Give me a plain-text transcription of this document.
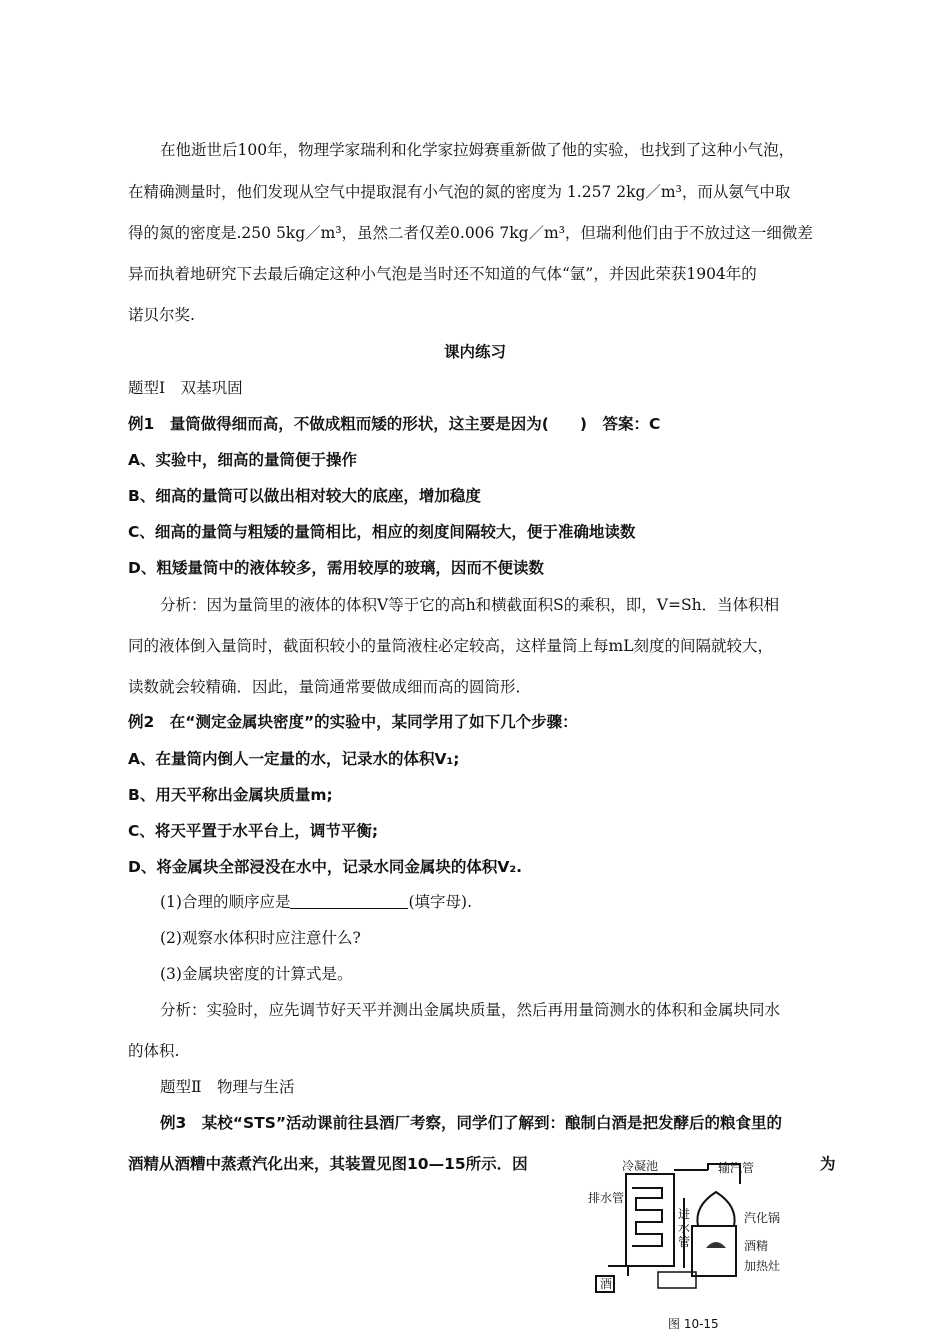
在他逝世后100年，物理学家瑞利和化学家拉姆赛重新做了他的实验，也找到了这种小气泡，
在精确测量时，他们发现从空气中提取混有小气泡的氮的密度为 1.257 2kg／m³，而从氨气中取
得的氮的密度是.250 5kg／m³，虽然二者仅差0.006 7kg／m³，但瑞利他们由于不放过这一细微差
异而执着地研究下去最后确定这种小气泡是当时还不知道的气体“氩”，并因此荣获1904年的
诺贝尔奖.
课内练习
题型Ⅰ　双基巩固
例1　量筒做得细而高，不做成粗而矮的形状，这主要是因为(　　)　答案：C
A、实验中，细高的量筒便于操作
B、细高的量筒可以做出相对较大的底座，增加稳度
C、细高的量筒与粗矮的量筒相比，相应的刻度间隔较大，便于准确地读数
D、粗矮量筒中的液体较多，需用较厚的玻璃，因而不便读数
分析：因为量筒里的液体的体积V等于它的高h和横截面积S的乘积，即，V=Sh．当体积相
同的液体倒入量筒时，截面积较小的量筒液柱必定较高，这样量筒上每mL刻度的间隔就较大，
读数就会较精确．因此，量筒通常要做成细而高的圆筒形．
例2　在“测定金属块密度”的实验中，某同学用了如下几个步骤：
A、在量筒内倒人一定量的水，记录水的体积V₁;
B、用天平称出金属块质量m;
C、将天平置于水平台上，调节平衡;
D、将金属块全部浸没在水中，记录水同金属块的体积V₂.
(1)合理的顺序应是	(填字母).
(2)观察水体积时应注意什么?
(3)金属块密度的计算式是。
分析：实验时，应先调节好天平并测出金属块质量，然后再用量筒测水的体积和金属块同水
的体积.
题型Ⅱ　物理与生活
例3　某校“STS”活动课前往县酒厂考察，同学们了解到：酿制白酒是把发酵后的粮食里的
酒精从酒糟中蒸煮汽化出来，其装置见图10—15所示．因	为
冷凝池	输汽管
排水管
进
水
管
汽化锅
酒精
加热灶
酒
图 10-15
